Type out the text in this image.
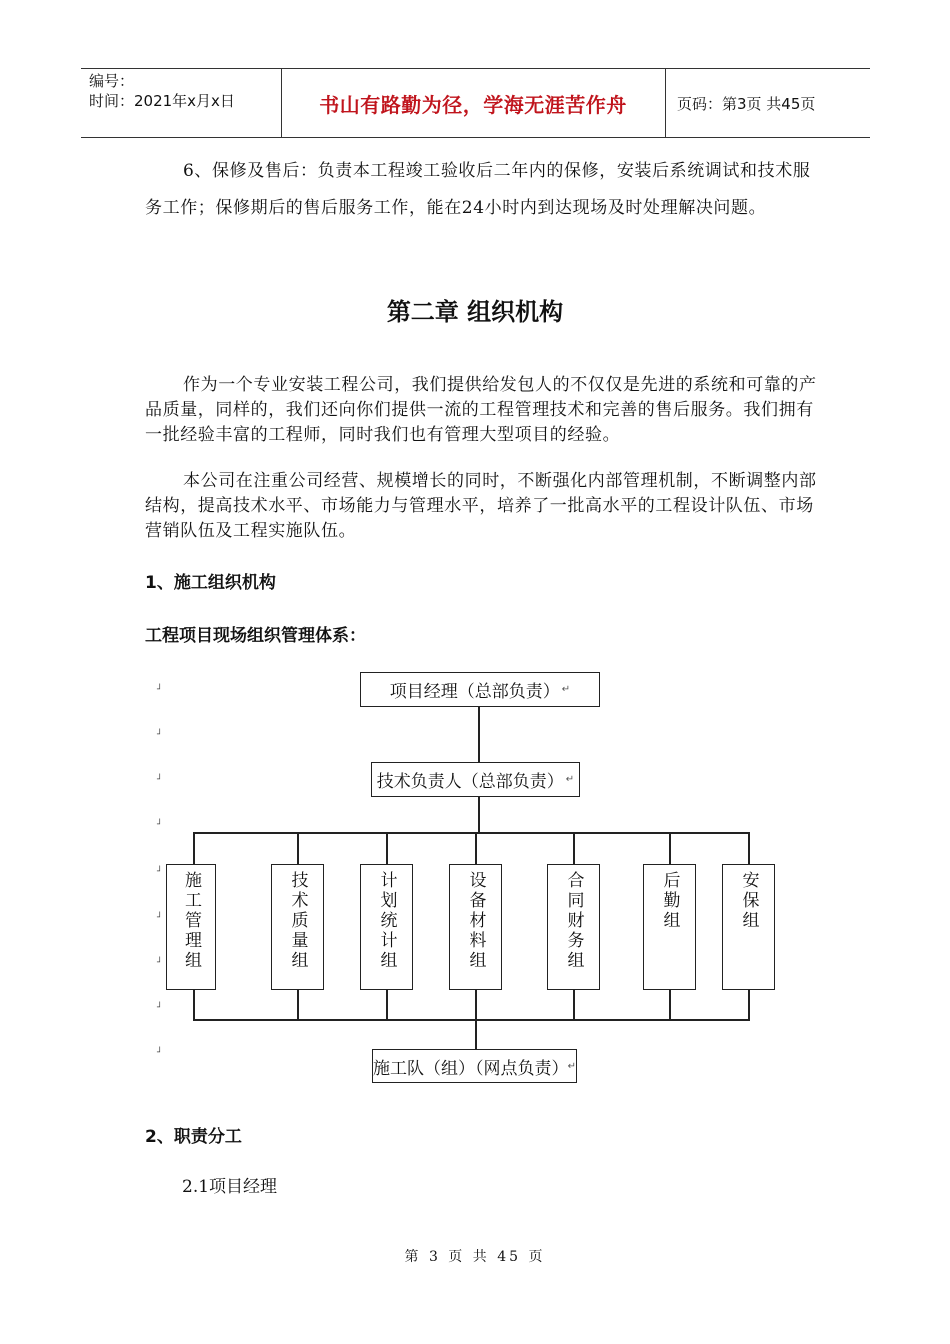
编号：
时间：2021年x月x日	书山有路勤为径，学海无涯苦作舟	页码：第3页 共45页
6、保修及售后：负责本工程竣工验收后二年内的保修，安装后系统调试和技术服务工作；保修期后的售后服务工作，能在24小时内到达现场及时处理解决问题。
第二章 组织机构
作为一个专业安装工程公司，我们提供给发包人的不仅仅是先进的系统和可靠的产品质量，同样的，我们还向你们提供一流的工程管理技术和完善的售后服务。我们拥有一批经验丰富的工程师，同时我们也有管理大型项目的经验。
本公司在注重公司经营、规模增长的同时，不断强化内部管理机制，不断调整内部结构，提高技术水平、市场能力与管理水平，培养了一批高水平的工程设计队伍、市场营销队伍及工程实施队伍。
1、施工组织机构
工程项目现场组织管理体系：
┘
┘
┘
┘
┘
┘
┘
┘
┘
项目经理（总部负责） ↵
技术负责人（总部负责） ↵
施工管理组	技术质量组	计划统计组	设备材料组	合同财务组	后勤组	安保组
施工队（组）（网点负责） ↵
2、职责分工
2.1项目经理
第 3 页 共 45 页
